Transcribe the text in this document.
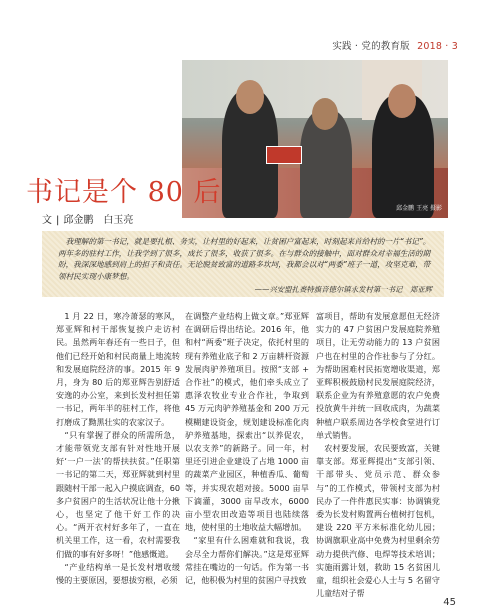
实践 · 党的教育版 2018 · 3
邱金鹏 王亮 摄影
书记是个 80 后
文 | 邱金鹏　白玉亮
我理解的第一书记，就是要扎根、务实，让村里的好起来，让贫困户富起来，时刻起来首给村的一片“书记”。两年多的驻村工作，让我学到了很多，成长了很多，收获了很多。在与群众的接触中，面对群众对幸福生活的期盼，我深深地感到肩上的担子和责任。无论脱贫致富的道路多坎坷，我都会以对“两委”班子一道，攻坚克难，带领村民实现小康梦想。
——兴安盟扎赉特旗音德尔镇永发村第一书记　郑亚辉
　1 月 22 日，寒冷萧瑟的寒风，郑亚辉和村干部恢复挨户走访村民。虽然两年春还有一些日子，但他们已经开始和村民商量上地流转和发展庭院经济的事。2015 年 9 月，身为 80 后的郑亚辉告别舒适安逸的办公室，来到长发村担任第一书记，两年半的驻村工作，将他打磨成了黝黑壮实的农家汉子。
　“只有掌握了群众的所需所急，才能带领党支部有针对性地开展好‘一户一法’的帮扶扶贫。”任职第一书记的第二天，郑亚辉就到村里跟随村干部一起入户摸底调查，60 多户贫困户的生活状况让他十分揪心，也坚定了他干好工作的决心。“两开衣村好多年了，一直在机关里工作，这一看，农村需要我们做的事有好多呀！”他感慨道。
　“产业结构单一是长发村增收缓慢的主要原因，要想拔穷根，必须
在调整产业结构上做文章。”郑亚辉在调研后得出结论。2016 年，他和村“两委”班子决定，依托村里的现有养殖业底子和 2 万亩耕杆资源发展肉驴养殖项目。按照“支部 + 合作社”的模式，他们牵头成立了惠泽农牧业专业合作社，争取到 45 万元肉驴养殖基金和 200 万元模糊建设资金，规划建设标准化肉驴养殖基地，探索出“以养促农，以农支养”的新路子。同一年，村里还引进企业建设了占地 1000 亩的蔬菜产业园区，种植香瓜、葡萄等，并实现农超对接。5000 亩旱下滴灌，3000 亩旱改水，6000 亩小型农田改造等项目也陆续落地，使村里的土地收益大幅增加。
　“家里有什么困难就和我说，我会尽全力帮你们解决。”这是郑亚辉常挂在嘴边的一句话。作为第一书记，他积极为村里的贫困户寻找致
富项目，帮助有发展意愿但无经济实力的 47 户贫困户发展庭院养殖项目，让无劳动能力的 13 户贫困户也在村里的合作社参与了分红。为帮助困难村民拓宽增收渠道，郑亚辉积极鼓励村民发展庭院经济，联系企业为有养殖意愿的农户免费投放黄牛并统一回收成肉，为蔬菜种植户联系周边各学校食堂进行订单式销售。
　农村要发展，农民要致富，关键靠支部。郑亚辉提出“支部引领、干部带头、党员示范、群众参与”的工作模式，带领村支部为村民办了一件件惠民实事：协调镇党委为长发村购置两台植树打包机，建设 220 平方米标准化幼儿园；协调旗职业高中免费为村里剩余劳动力提供汽修、电焊等技术培训；实施雨露计划，救助 15 名贫困儿童，组织社会爱心人士与 5 名留守儿童结对子帮
45
